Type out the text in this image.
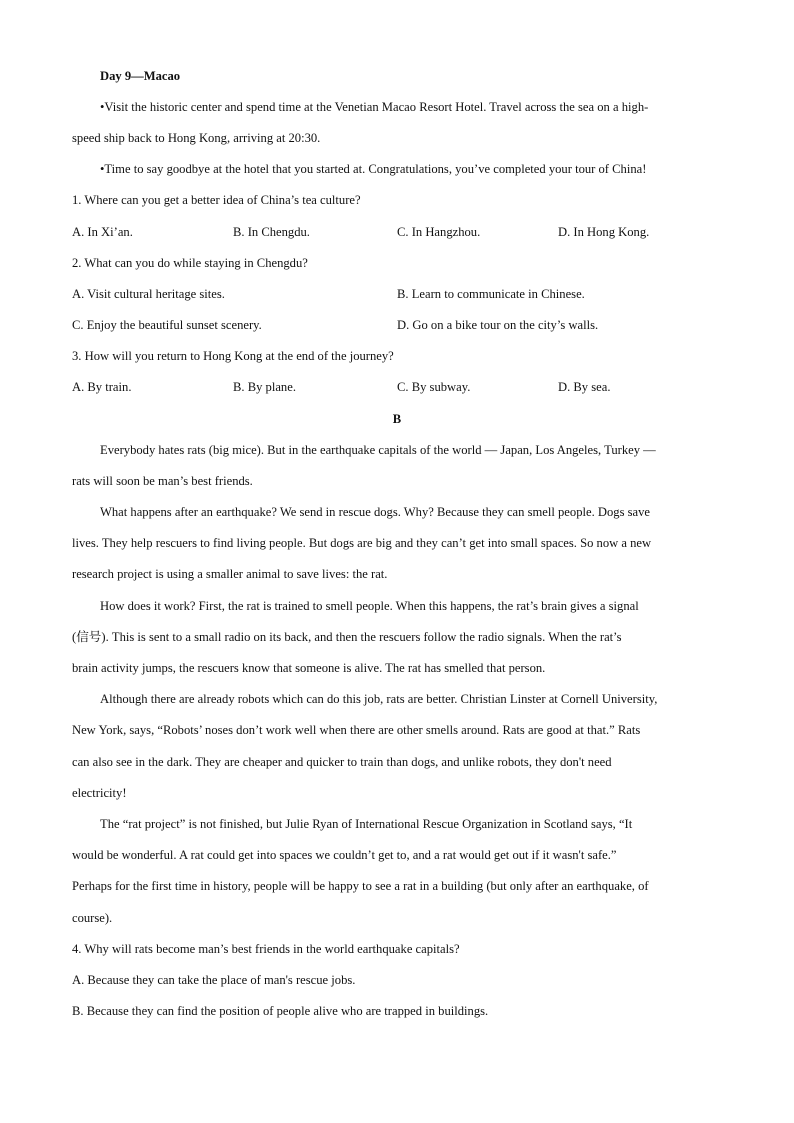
Day 9—Macao
•Visit the historic center and spend time at the Venetian Macao Resort Hotel. Travel across the sea on a high-
speed ship back to Hong Kong, arriving at 20:30.
•Time to say goodbye at the hotel that you started at. Congratulations, you’ve completed your tour of China!
1. Where can you get a better idea of China’s tea culture?
A. In Xi’an.	B. In Chengdu.	C. In Hangzhou.	D. In Hong Kong.
2. What can you do while staying in Chengdu?
A. Visit cultural heritage sites.	B. Learn to communicate in Chinese.
C. Enjoy the beautiful sunset scenery.	D. Go on a bike tour on the city’s walls.
3. How will you return to Hong Kong at the end of the journey?
A. By train.	B. By plane.	C. By subway.	D. By sea.
B
Everybody hates rats (big mice). But in the earthquake capitals of the world — Japan, Los Angeles, Turkey —
rats will soon be man’s best friends.
What happens after an earthquake? We send in rescue dogs. Why? Because they can smell people. Dogs save
lives. They help rescuers to find living people. But dogs are big and they can’t get into small spaces. So now a new
research project is using a smaller animal to save lives: the rat.
How does it work? First, the rat is trained to smell people. When this happens, the rat’s brain gives a signal
(信号). This is sent to a small radio on its back, and then the rescuers follow the radio signals. When the rat’s
brain activity jumps, the rescuers know that someone is alive. The rat has smelled that person.
Although there are already robots which can do this job, rats are better. Christian Linster at Cornell University,
New York, says, “Robots’ noses don’t work well when there are other smells around. Rats are good at that.” Rats
can also see in the dark. They are cheaper and quicker to train than dogs, and unlike robots, they don't need
electricity!
The “rat project” is not finished, but Julie Ryan of International Rescue Organization in Scotland says, “It
would be wonderful. A rat could get into spaces we couldn’t get to, and a rat would get out if it wasn't safe.”
Perhaps for the first time in history, people will be happy to see a rat in a building (but only after an earthquake, of
course).
4. Why will rats become man’s best friends in the world earthquake capitals?
A. Because they can take the place of man's rescue jobs.
B. Because they can find the position of people alive who are trapped in buildings.
